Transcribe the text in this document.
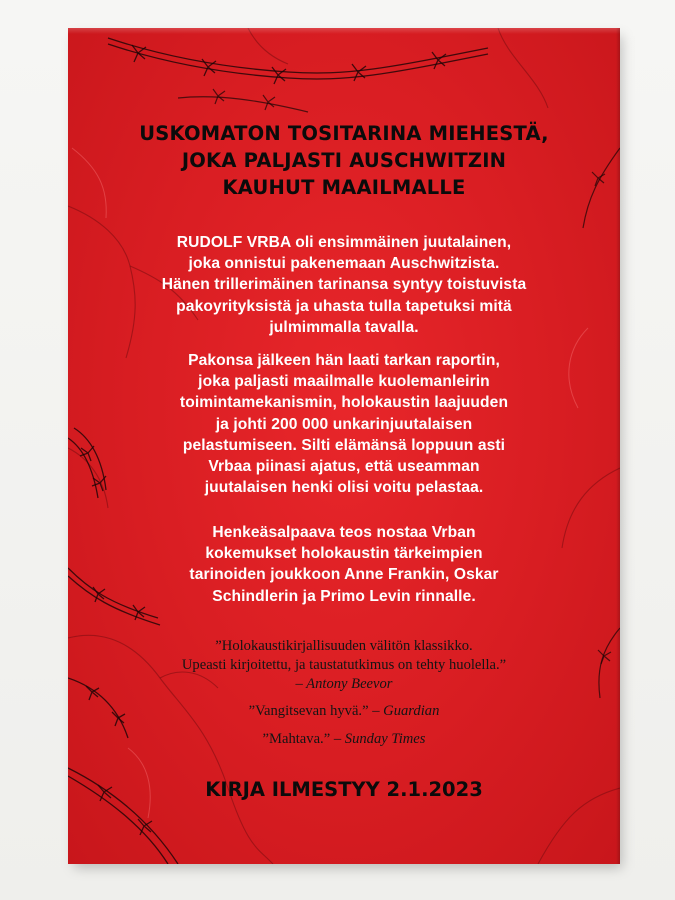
USKOMATON TOSITARINA MIEHESTÄ,
JOKA PALJASTI AUSCHWITZIN
KAUHUT MAAILMALLE

RUDOLF VRBA oli ensimmäinen juutalainen,
joka onnistui pakenemaan Auschwitzista.
Hänen trillerimäinen tarinansa syntyy toistuvista
pakoyrityksistä ja uhasta tulla tapetuksi mitä
julmimmalla tavalla.

Pakonsa jälkeen hän laati tarkan raportin,
joka paljasti maailmalle kuolemanleirin
toimintamekanismin, holokaustin laajuuden
ja johti 200 000 unkarinjuutalaisen
pelastumiseen. Silti elämänsä loppuun asti
Vrbaa piinasi ajatus, että useamman
juutalaisen henki olisi voitu pelastaa.

Henkeäsalpaava teos nostaa Vrban
kokemukset holokaustin tärkeimpien
tarinoiden joukkoon Anne Frankin, Oskar
Schindlerin ja Primo Levin rinnalle.

”Holokaustikirjallisuuden välitön klassikko.
Upeasti kirjoitettu, ja taustatutkimus on tehty huolella.”
– Antony Beevor

”Vangitsevan hyvä.” – Guardian

”Mahtava.” – Sunday Times

KIRJA ILMESTYY 2.1.2023
